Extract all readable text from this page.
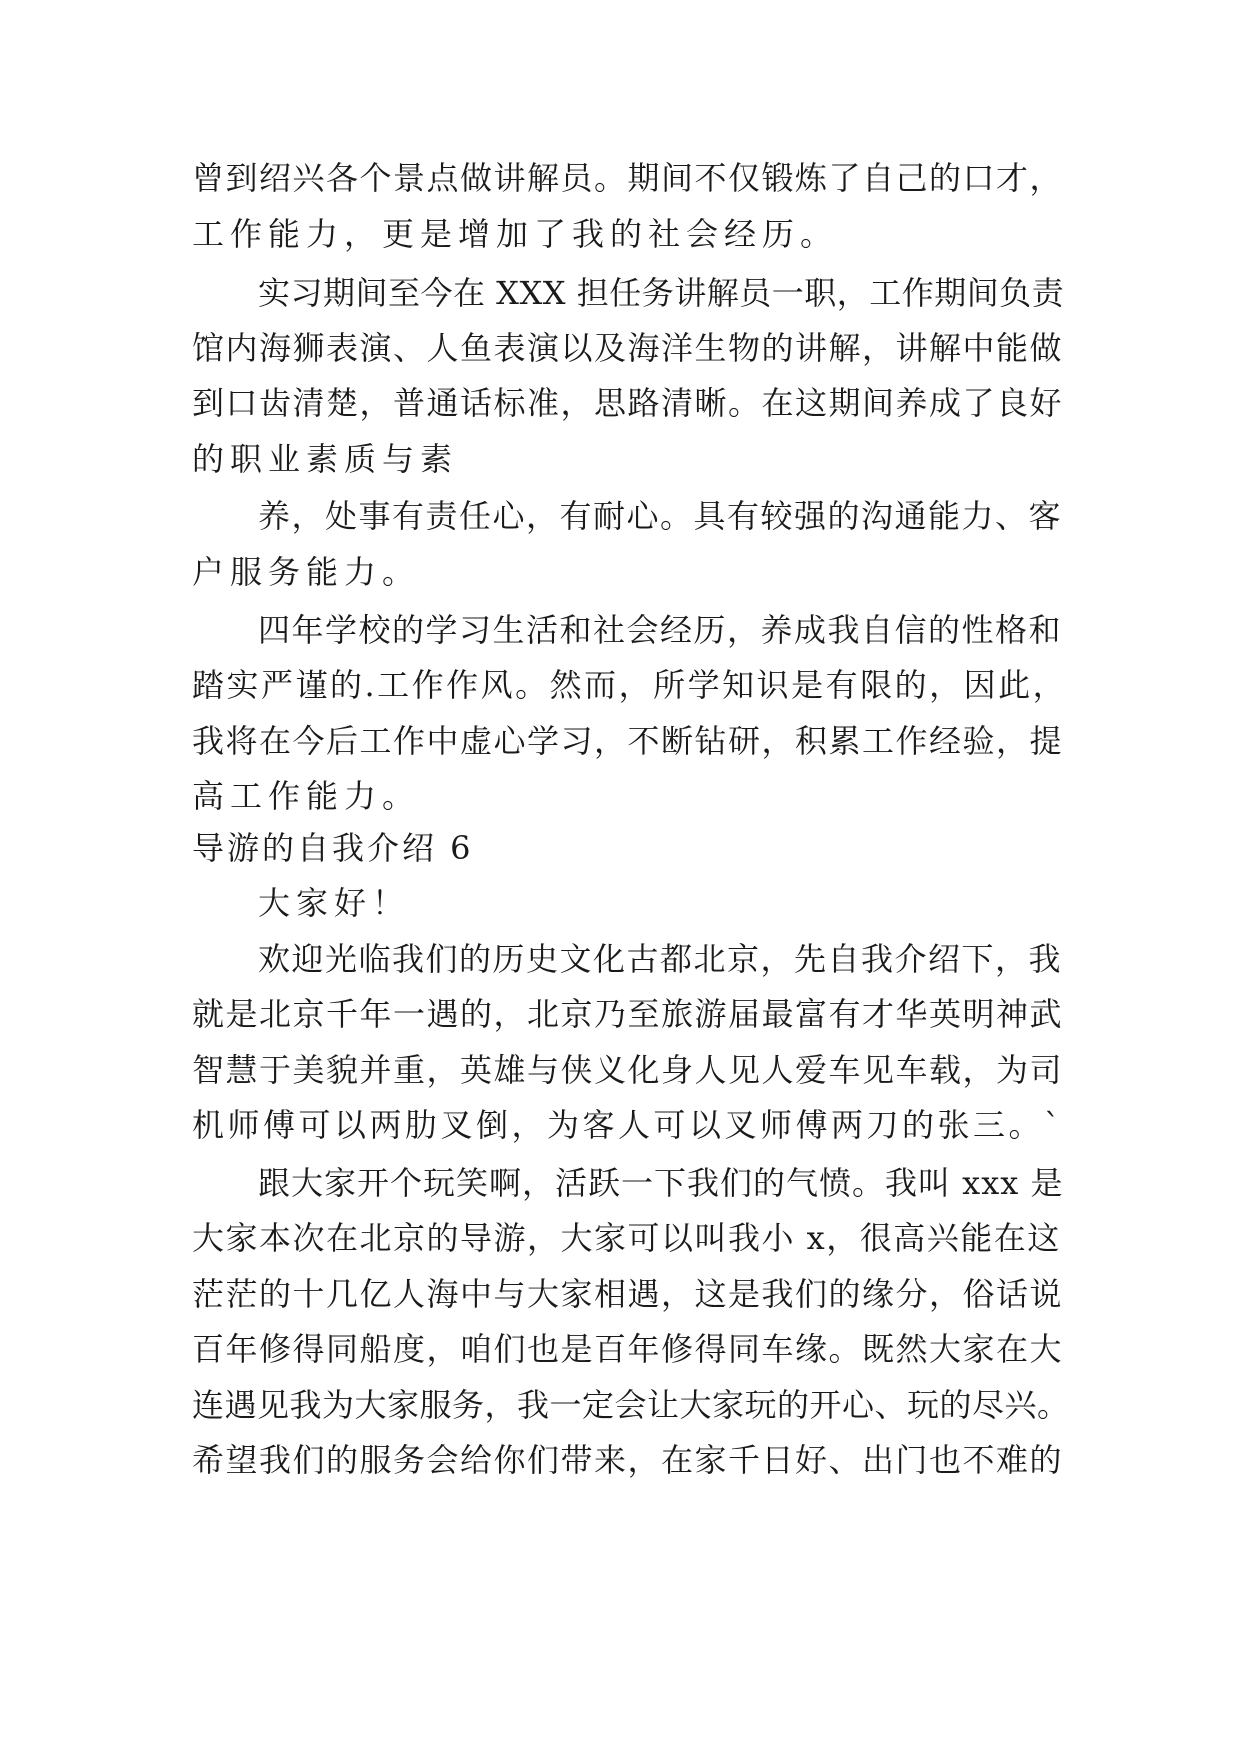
曾到绍兴各个景点做讲解员。期间不仅锻炼了自己的口才，
工作能力，更是增加了我的社会经历。
实习期间至今在 XXX 担任务讲解员一职，工作期间负责
馆内海狮表演、人鱼表演以及海洋生物的讲解，讲解中能做
到口齿清楚，普通话标准，思路清晰。在这期间养成了良好
的职业素质与素
养，处事有责任心，有耐心。具有较强的沟通能力、客
户服务能力。
四年学校的学习生活和社会经历，养成我自信的性格和
踏实严谨的.工作作风。然而，所学知识是有限的，因此，
我将在今后工作中虚心学习，不断钻研，积累工作经验，提
高工作能力。
导游的自我介绍 6
大家好！
欢迎光临我们的历史文化古都北京，先自我介绍下，我
就是北京千年一遇的，北京乃至旅游届最富有才华英明神武
智慧于美貌并重，英雄与侠义化身人见人爱车见车载，为司
机师傅可以两肋叉倒，为客人可以叉师傅两刀的张三。`
跟大家开个玩笑啊，活跃一下我们的气愤。我叫 xxx 是
大家本次在北京的导游，大家可以叫我小 x，很高兴能在这
茫茫的十几亿人海中与大家相遇，这是我们的缘分，俗话说
百年修得同船度，咱们也是百年修得同车缘。既然大家在大
连遇见我为大家服务，我一定会让大家玩的开心、玩的尽兴。
希望我们的服务会给你们带来，在家千日好、出门也不难的
